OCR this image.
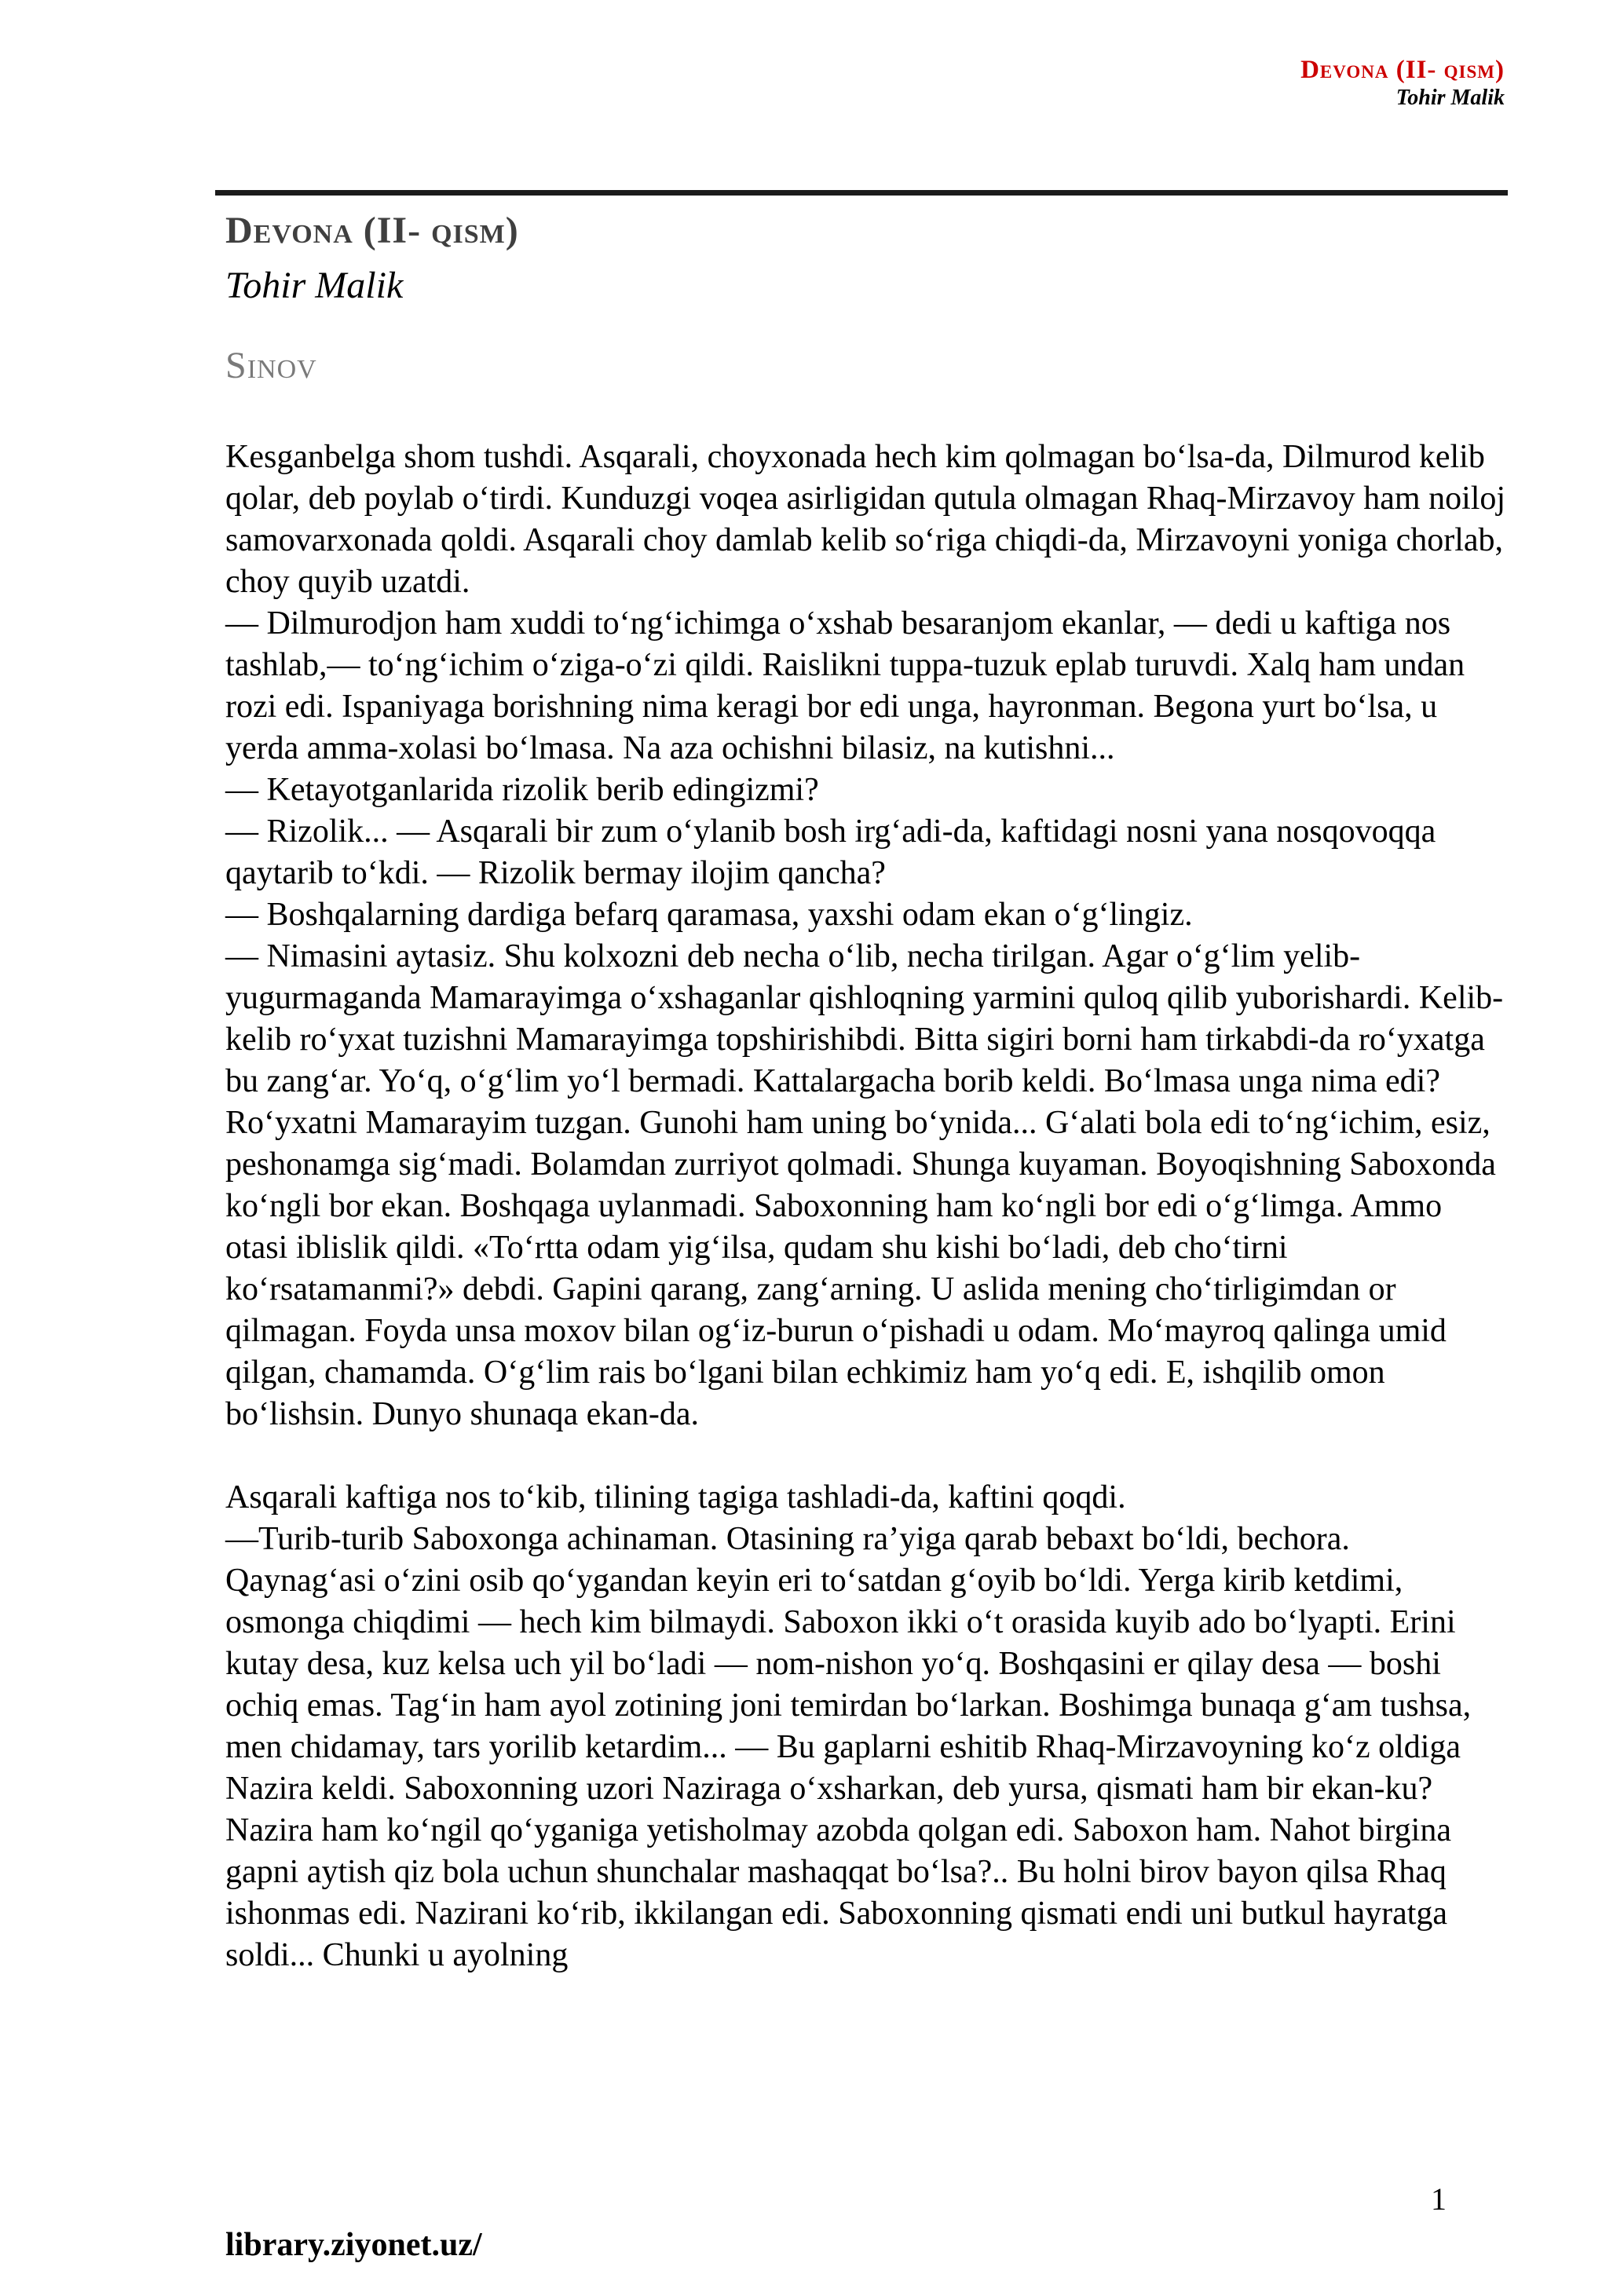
Devona (II- qism)
Tohir Malik
Devona (II- qism)
Tohir Malik
Sinov

Kesganbelga shom tushdi. Asqarali, choyxonada hech kim qolmagan bo‘lsa-da, Dilmurod kelib qolar, deb poylab o‘tirdi. Kunduzgi voqea asirligidan qutula olmagan Rhaq-Mirzavoy ham noiloj samovarxonada qoldi. Asqarali choy damlab kelib so‘riga chiqdi-da, Mirzavoyni yoniga chorlab, choy quyib uzatdi.

— Dilmurodjon ham xuddi to‘ng‘ichimga o‘xshab besaranjom ekanlar, — dedi u kaftiga nos tashlab,— to‘ng‘ichim o‘ziga-o‘zi qildi. Raislikni tuppa-tuzuk eplab turuvdi. Xalq ham undan rozi edi. Ispaniyaga borishning nima keragi bor edi unga, hayronman. Begona yurt bo‘lsa, u yerda amma-xolasi bo‘lmasa. Na aza ochishni bilasiz, na kutishni...

— Ketayotganlarida rizolik berib edingizmi?

— Rizolik... — Asqarali bir zum o‘ylanib bosh irg‘adi-da, kaftidagi nosni yana nosqovoqqa qaytarib to‘kdi. — Rizolik bermay ilojim qancha?

— Boshqalarning dardiga befarq qaramasa, yaxshi odam ekan o‘g‘lingiz.

— Nimasini aytasiz. Shu kolxozni deb necha o‘lib, necha tirilgan. Agar o‘g‘lim yelib-yugurmaganda Mamarayimga o‘xshaganlar qishloqning yarmini quloq qilib yuborishardi. Kelib-kelib ro‘yxat tuzishni Mamarayimga topshirishibdi. Bitta sigiri borni ham tirkabdi-da ro‘yxatga bu zang‘ar. Yo‘q, o‘g‘lim yo‘l bermadi. Kattalargacha borib keldi. Bo‘lmasa unga nima edi? Ro‘yxatni Mamarayim tuzgan. Gunohi ham uning bo‘ynida... G‘alati bola edi to‘ng‘ichim, esiz, peshonamga sig‘madi. Bolamdan zurriyot qolmadi. Shunga kuyaman. Boyoqishning Saboxonda ko‘ngli bor ekan. Boshqaga uylanmadi. Saboxonning ham ko‘ngli bor edi o‘g‘limga. Ammo otasi iblislik qildi. «To‘rtta odam yig‘ilsa, qudam shu kishi bo‘ladi, deb cho‘tirni ko‘rsatamanmi?» debdi. Gapini qarang, zang‘arning. U aslida mening cho‘tirligimdan or qilmagan. Foyda unsa moxov bilan og‘iz-burun o‘pishadi u odam. Mo‘mayroq qalinga umid qilgan, chamamda. O‘g‘lim rais bo‘lgani bilan echkimiz ham yo‘q edi. E, ishqilib omon bo‘lishsin. Dunyo shunaqa ekan-da.

Asqarali kaftiga nos to‘kib, tilining tagiga tashladi-da, kaftini qoqdi.

—Turib-turib Saboxonga achinaman. Otasining ra’yiga qarab bebaxt bo‘ldi, bechora. Qaynag‘asi o‘zini osib qo‘ygandan keyin eri to‘satdan g‘oyib bo‘ldi. Yerga kirib ketdimi, osmonga chiqdimi — hech kim bilmaydi. Saboxon ikki o‘t orasida kuyib ado bo‘lyapti. Erini kutay desa, kuz kelsa uch yil bo‘ladi — nom-nishon yo‘q. Boshqasini er qilay desa — boshi ochiq emas. Tag‘in ham ayol zotining joni temirdan bo‘larkan. Boshimga bunaqa g‘am tushsa, men chidamay, tars yorilib ketardim... — Bu gaplarni eshitib Rhaq-Mirzavoyning ko‘z oldiga Nazira keldi. Saboxonning uzori Naziraga o‘xsharkan, deb yursa, qismati ham bir ekan-ku? Nazira ham ko‘ngil qo‘yganiga yetisholmay azobda qolgan edi. Saboxon ham. Nahot birgina gapni aytish qiz bola uchun shunchalar mashaqqat bo‘lsa?.. Bu holni birov bayon qilsa Rhaq ishonmas edi. Nazirani ko‘rib, ikkilangan edi. Saboxonning qismati endi uni butkul hayratga soldi... Chunki u ayolning

1
library.ziyonet.uz/
